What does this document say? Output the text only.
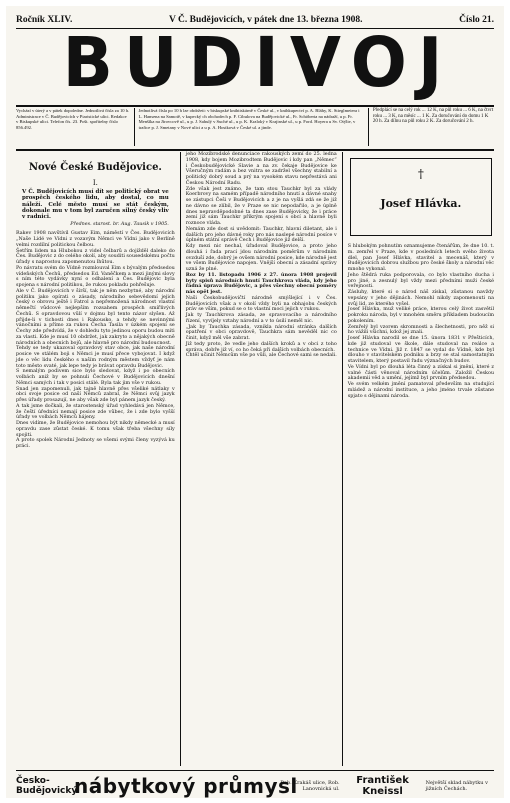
Ročník XLIV.	V Č. Budějovicích, v pátek dne 13. března 1908.	Číslo 21.
BUDIVOJ
Vychází v úterý a v pátek dopoledne. Jednotlivá čísla za 10 h. Administrace v Č. Budějovicích v Piaristické ulici. Redakce v Biskupské ulici. Telefon čís. 23. Pošt. spořitelny číslo 856.492.
Jednotlivá čísla po 10 h lze obdržeti: v biskupské knihtiskárně v České ul., v knihkupectví p. A. Bláhy, K. Stieglmeiera i L. Hansena na Samotě, v kupecký ch obchodech p. F. Cibulova na Budějovické ul., Fr. Schöberta na nádraží, u p. Fr. Menšíka na Jírovcově ul., u p. J. Sahulý v Suché ul., u p. K. Kraloký v Krajinské ul., u p. Ford. Hoyera u Sv. Otýlie, v trafice p. J. Smetany v Nové ulici a u p. A. Hostková v České ul. a jinde.
Předplácí se na celý rok ... 12 K, na půl roku ... 6 K, na čtvrt roku ... 3 K, na měsíc ... 1 K. Za doručování do domu 1 K 20 h. Za dílnu na půl roku 2 K. Za doručování 2 h.
Nové České Budějovice.
I.
V Č. Budějovicích musí dít se politický obrat ve prospěch českého lidu, aby dostal, co mu náleží. Celé město musí se stát českým, dokonale mu v tom byl zaručen silný český vliv v radnici.
Přednes. starost. br. Aug. Tausik v 1905.

Rakev 1908 navštívil Gustav Eim, náměstí v Čes. Budějovicích „Naše Lidé ve Vídni z vozavým Němci ve Vídni jako v Berlíně velmi rozdílní politickou čelbou.
Šetřím lidem na Hlubokou z videl čelbarů a dojížděl daleko do Čes. Budějovic z do celého okolí, aby souditi sousedskému počtu úřady s naprostou zapomenutou lhůtou.
Po návratu svém do Vídně rozmlouval Eim s bývalým předsedou vídeňských Čechů, předsedou Ed. Vaněčkem a mezi jinými slovy s ním této vydávky nyní o odhalení a Čes. Budějovic byla spojena s národní politikou, že rukou pokladu pohřešuje.
Ale v Č. Budějovicích v šírší, tak je něm nezbytné, aby národní politiku jako opírati o zásady, národního sebevědomí jejich český o obrovu ještě i Fatrol a nepřemožená národnost vlastní němečtí vůdcové nejlepším rozsahem prospěch smířlivých Čechů. S opravdovou vůlí v dojmu byl tento názor slyšen. Až přijde-li v tichosti dnes i Rakousko, a tehdy se nevinnými vánočními a přímo za rukou Čecha Tasila v úzkém spojení se Čechy zde předvídá, že v dohledu tyto jedinou oporu budou míti za vlasti. Kde je musí 10 obdržet, jak zakryto a nějakých obecně národních a obecních bojů, ale hlavně pro národní budoucnost.

Tehdy se tedy ukazoval opravdový stav obce, jak naše národní posice ve stálém boji s Němci je musí přece vybojovat. I když jde o věc lidu českého s naším rodným městem vždyť je nám toto město svaté, jak lepe tedy je brávat opravdu Budějovic.
S nemalým podivem sice bylo sledovat, když i po obecních volbách aniž by se pohnuli Čechové v Budějovicích dnešní Němci samých i tak v posici stálé. Byla tak jim vše v rukou.
Snad jen zapomenuli, jak tajně hlavně přes všeliké nátlaky v obci svoje posice od naší Němců zabral, že Němci svůj jazyk přes úřady prosazují, ne aby však zde byl pánem jazyk český.
A tak jsme dočkali, že starostenský úřad vyhledává jen Němce, že čeští úředníci nemají posice zde vůbec, že i zde bylo vyšší úřady ve volbách Němců hájeny.
Dnes vidíme, že Budějovice nemohou být nikdy německé a musí opravdu zase zůstat české. K tomu však třeba všechny síly spojiti.
A proto spolek Národní Jednoty se všemi svými členy vyzývá ku práci.

jeho Mozibrodské denunciace rakouských zemí do 25. ledna 1908, kdy bojem Mozibrodtem Budějovic i kdy pan „Němec“ i Českobudějovické Slavie a na zv. čekaje Budějovice ke Všeručným radám a bez vnitra se zadržel všechny stabilní a politický dobrý soud a prý na vysokém stavu nepřestává ani Českou Národní Radu.
Zde však jest známo, že tam stou Tauchkr byl za vlády Koerbrovy na samém případě národního hnutí a dávné snahy se zástupci Češi v Budějovicích a z je na vyšlá zdá se že již ne dávno se zlíbil, že v Praze se nic nepodařilo, a je úplně dnes nepravděpodobné ta dnes zase Budějovicky, že i práce zemí již sám Tauchkr příkrým spojení s obcí a hlavně byli roznoce vláda.
Nemám zde dost si uvědomit: Tauchkr, hlavní diletant, ale i dalších pro jeho dávné roky pro nás naslepé národní posíce v úplném státní správě Čech i Budějovice již delší.
Kdy mezi nic nechal, úřadoval Budějovice, a proto jeho dlouhá i řada prací jdou národním poměrům v národním ovzduší zde, dobrý je ovšem národní posice, kde národně jest ve všem Budějovice napojen. Vnější obecní a zásadní správy uzná že plné.

Roz by 11. listopadu 1906 z 27. února 1908 projevil byty spisů národních hnutí Tauchkrova vláda, kdy jeho řádná úprava Budějovic, a přes všechny obecní poměry nás opět jest.

Naši Českobudějovičtí národně smýšlející i v Čes. Budějovicích však a v okolí vždy byli na obhajobu českých práv se vším, pokud se o to vlastní moci jejich v rukou.
Jak ty Tauchkrova zásada, ze spravovacího a národního řízení, vyvíjely vztahy národní a v to úsilí neměl nic.
„Jak by Tauchka zásada, vznikla národní stránka dalších opatření v obci opravdově, Tauchkra sám nevěděl nic co činit, když měl vše zabrat.
Již tedy proto, že vedle jeho dalších kroků a v obci z toho správa, dobře již ví, co ho čeká při dalších volbách obecních.
Chtěl učinit Němcům vše po vůli, ale Čechové sami se nedali.

†
Josef Hlávka.

S hlubokým pohnutím oznamujeme čtenářům, že dne 10. t. m. zemřel v Praze, kde v posledních letech svého života dlel, pan Josef Hlávka, stavitel a mecenáš, který v Budějovicích dobrou službou pro české školy a národní věc mnoho vykonal.
Jeho štědrá ruka podporovala, co bylo vlastního ducha i pro jiné, a zesnulý byl vždy mezi předními muži české veřejnosti.
Zásluhy, které si o národ náš získal, zůstanou navždy vepsány v jeho dějinách. Nemohl nikdy zapomenouti na svůj lid, ze kterého vyšel.
Josef Hlávka, muž veliké práce, kterou celý život zasvětil pokroku národa, byl v mnohém směru příkladem budoucím pokolením.
Zemřelý byl vzorem skromnosti a šlechetnosti, pro něž si ho vážili všichni, kdož jej znali.

Josef Hlávka narodil se dne 15. února 1831 v Přešticích, kde již studoval ve škole, dále studoval na reálce a technice ve Vídni. Již r. 1847 se vydal do Vídně, kde byl dlouho v stavitelském podniku a brzy se stal samostatným stavitelem, který postavil řadu význačných budov.
Ve Vídni byl po dlouhá léta činný a získal si jmění, které z valné části věnoval národním účelům. Založil Českou akademii věd a umění, jejímž byl prvním předsedou.
Ve svém velkém jmění pamatoval především na studující mládež a národní instituce, a jeho jméno trvale zůstane spjato s dějinami národa.

Česko-Budějovický
nábytkový průmysl
Rob. Krakáš ulice, Rob. Lanovnická ul.
František Kneissl
Největší sklad nábytku v jižních Čechách.
